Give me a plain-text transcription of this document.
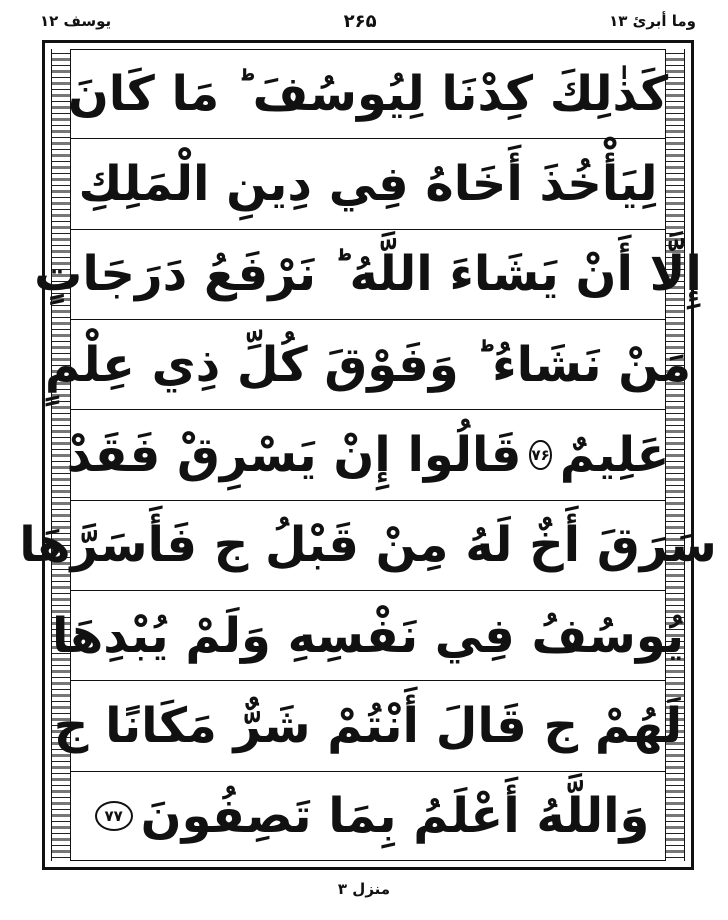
یوسف ۱۲	۲۶۵	وما أبرئ ۱۳
كَذٰلِكَ كِدْنَا لِيُوسُفَ ؕ مَا كَانَ
لِيَأْخُذَ أَخَاهُ فِي دِينِ الْمَلِكِ
إِلَّا أَنْ يَشَاءَ اللَّهُ ؕ نَرْفَعُ دَرَجَاتٍ
مَنْ نَشَاءُ ؕ وَفَوْقَ كُلِّ ذِي عِلْمٍ
عَلِيمٌ
۷۶
قَالُوا إِنْ يَسْرِقْ فَقَدْ
سَرَقَ أَخٌ لَهُ مِنْ قَبْلُ ج فَأَسَرَّهَا
يُوسُفُ فِي نَفْسِهِ وَلَمْ يُبْدِهَا
لَهُمْ ج قَالَ أَنْتُمْ شَرٌّ مَكَانًا ج
وَاللَّهُ أَعْلَمُ بِمَا تَصِفُونَ
۷۷
منزل ۳
